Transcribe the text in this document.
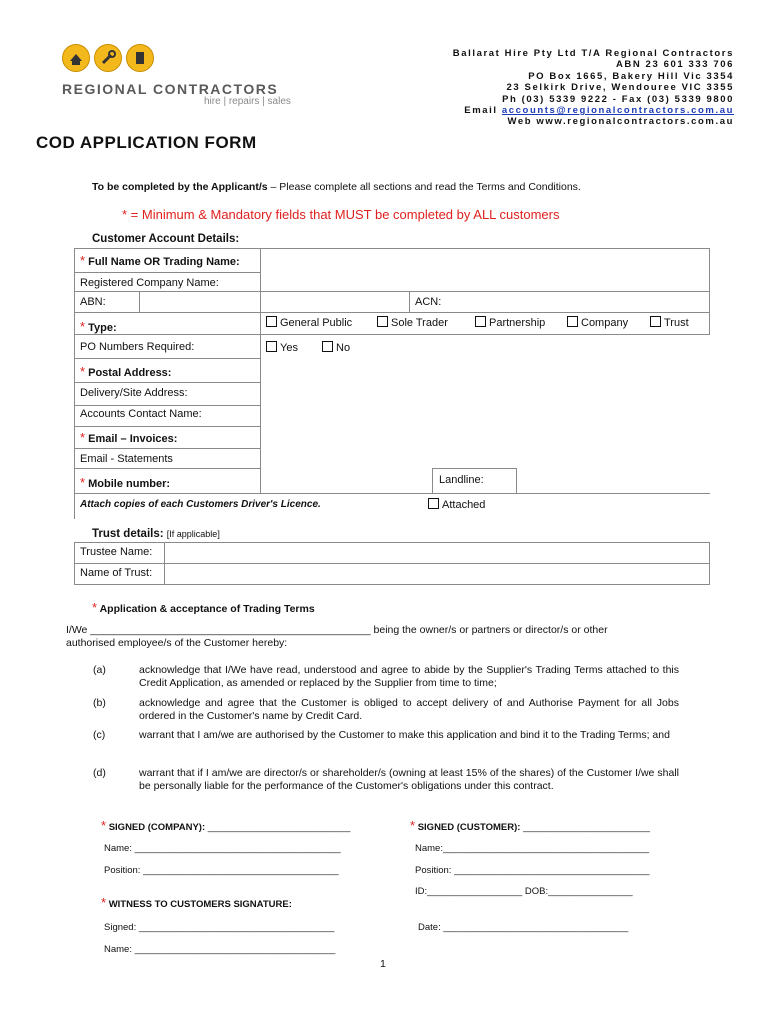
REGIONAL CONTRACTORS
hire | repairs | sales
Ballarat Hire Pty Ltd T/A Regional Contractors
ABN 23 601 333 706
PO Box 1665, Bakery Hill Vic 3354
23 Selkirk Drive, Wendouree VIC 3355
Ph (03) 5339 9222 - Fax (03) 5339 9800
Email accounts@regionalcontractors.com.au
Web www.regionalcontractors.com.au
COD APPLICATION FORM
To be completed by the Applicant/s – Please complete all sections and read the Terms and Conditions.
* = Minimum & Mandatory fields that MUST be completed by ALL customers
Customer Account Details:
* Full Name OR Trading Name:
Registered Company Name:
ABN:	ACN:
* Type:	General Public	Sole Trader	Partnership	Company	Trust
PO Numbers Required:	Yes	No
* Postal Address:
Delivery/Site Address:
Accounts Contact Name:
* Email – Invoices:
Email - Statements
* Mobile number:	Landline:
Attach copies of each Customers Driver's Licence.	Attached
Trust details: [If applicable]
Trustee Name:
Name of Trust:
* Application & acceptance of Trading Terms
I/We ________________________________________________ being the owner/s or partners or director/s or other
authorised employee/s of the Customer hereby:
(a)	acknowledge that I/We have read, understood and agree to abide by the Supplier's Trading Terms attached to this Credit Application, as amended or replaced by the Supplier from time to time;
(b)	acknowledge and agree that the Customer is obliged to accept delivery of and Authorise Payment for all Jobs ordered in the Customer's name by Credit Card.
(c)	warrant that I am/we are authorised by the Customer to make this application and bind it to the Trading Terms; and
(d)	warrant that if I am/we are director/s or shareholder/s (owning at least 15% of the shares) of the Customer I/we shall be personally liable for the performance of the Customer's obligations under this contract.
* SIGNED (COMPANY): ___________________________	* SIGNED (CUSTOMER): ________________________
Name: _______________________________________	Name:_______________________________________
Position: _____________________________________	Position: _____________________________________
ID:__________________ DOB:________________
* WITNESS TO CUSTOMERS SIGNATURE:
Signed: _____________________________________	Date: ___________________________________
Name: ______________________________________
1
